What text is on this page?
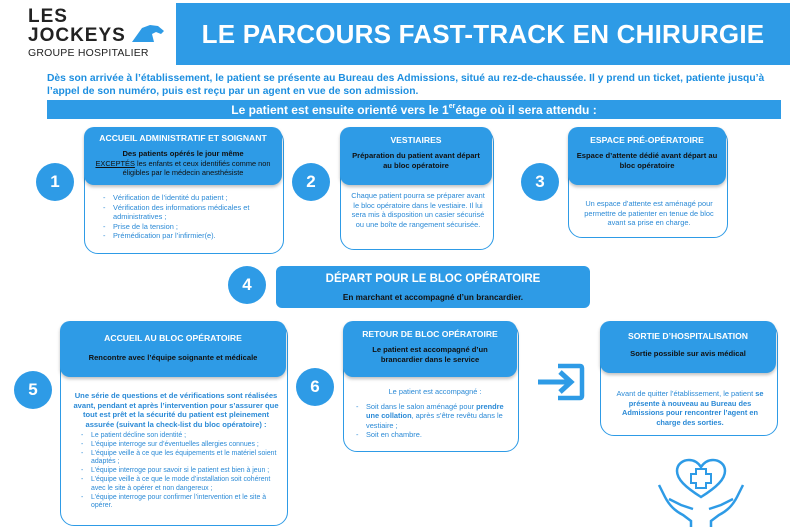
LES
JOCKEYS
GROUPE HOSPITALIER
LE PARCOURS FAST-TRACK EN CHIRURGIE
Dès son arrivée à l’établissement, le patient se présente au Bureau des Admissions, situé au rez-de-chaussée. Il y prend un ticket, patiente jusqu’à l’appel de son numéro, puis est reçu par un agent en vue de son admission.
Le patient est ensuite orienté vers le 1er étage où il sera attendu :
1
ACCUEIL ADMINISTRATIF ET SOIGNANT
Des patients opérés le jour même
EXCEPTÉS les enfants et ceux identifiés comme non éligibles par le médecin anesthésiste
- Vérification de l’identité du patient ;
- Vérification des informations médicales et administratives ;
- Prise de la tension ;
- Prémédication par l’infirmier(e).
2
VESTIAIRES
Préparation du patient avant départ au bloc opératoire
Chaque patient pourra se préparer avant le bloc opératoire dans le vestiaire. Il lui sera mis à disposition un casier sécurisé ou une boîte de rangement sécurisée.
3
ESPACE PRÉ-OPÉRATOIRE
Espace d’attente dédié avant départ au bloc opératoire
Un espace d’attente est aménagé pour permettre de patienter en tenue de bloc avant sa prise en charge.
4	DÉPART POUR LE BLOC OPÉRATOIRE
En marchant et accompagné d’un brancardier.
5
ACCUEIL AU BLOC OPÉRATOIRE
Rencontre avec l’équipe soignante et médicale
Une série de questions et de vérifications sont réalisées avant, pendant et après l’intervention pour s’assurer que tout est prêt et la sécurité du patient est pleinement assurée (suivant la check-list du bloc opératoire) :
- Le patient décline son identité ;
- L’équipe interroge sur d’éventuelles allergies connues ;
- L’équipe veille à ce que les équipements et le matériel soient adaptés ;
- L’équipe interroge pour savoir si le patient est bien à jeun ;
- L’équipe veille à ce que le mode d’installation soit cohérent avec le site à opérer et non dangereux ;
- L’équipe interroge pour confirmer l’intervention et le site à opérer.
6
RETOUR DE BLOC OPÉRATOIRE
Le patient est accompagné d’un brancardier dans le service
Le patient est accompagné :
- Soit dans le salon aménagé pour prendre une collation, après s’être revêtu dans le vestiaire ;
- Soit en chambre.
SORTIE D’HOSPITALISATION
Sortie possible sur avis médical
Avant de quitter l’établissement, le patient se présente à nouveau au Bureau des Admissions pour rencontrer l’agent en charge des sorties.
